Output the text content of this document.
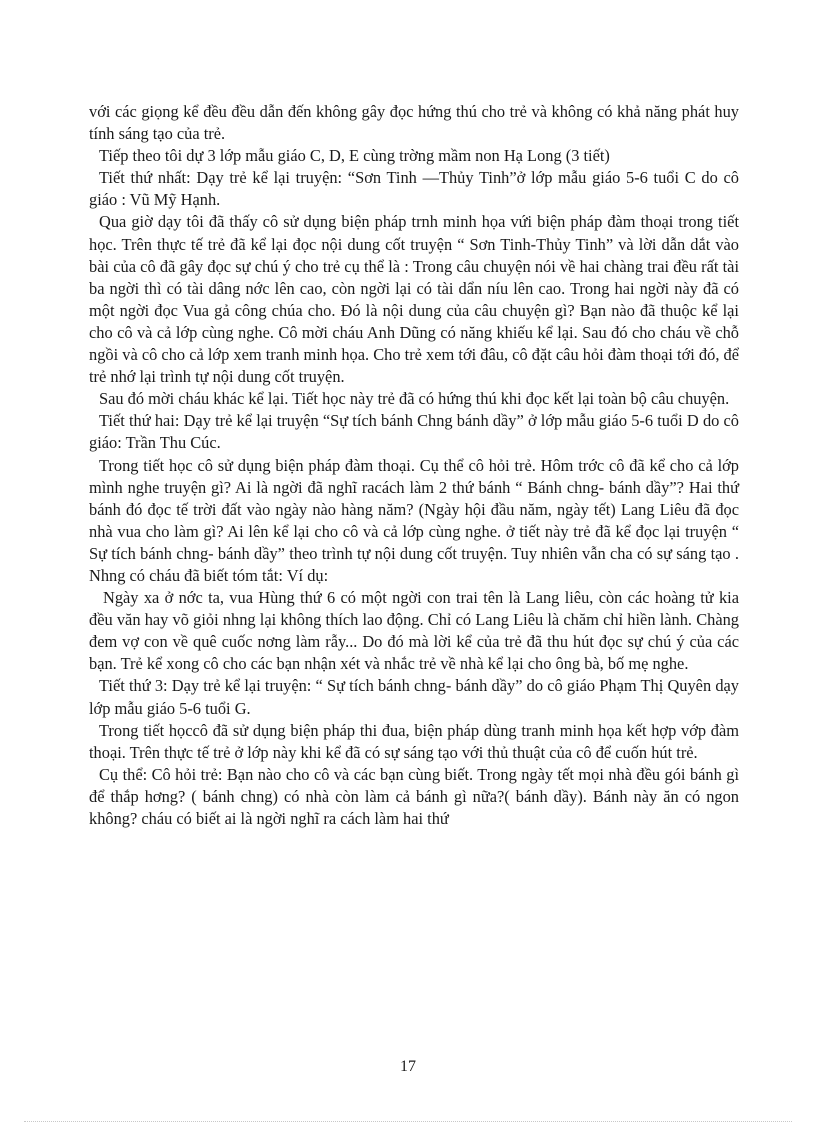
với các giọng kể đều đều dẫn đến không gây đọc hứng thú cho trẻ và không có khả năng phát huy tính sáng tạo của trẻ.

Tiếp theo tôi dự 3 lớp mẫu giáo C, D, E cùng trờng mầm non Hạ Long (3 tiết)

Tiết thứ nhất: Dạy trẻ kể lại truyện: “Sơn Tinh —Thủy Tinh”ở lớp mẫu giáo 5-6 tuổi C do cô giáo : Vũ Mỹ Hạnh.

Qua giờ dạy tôi đã thấy cô sử dụng biện pháp trnh minh họa vứi biện pháp đàm thoại trong tiết học. Trên thực tế trẻ đã kể lại đọc nội dung cốt truyện “ Sơn Tinh-Thủy Tinh” và lời dẫn dắt vào bài của cô đã gây đọc sự chú ý cho trẻ cụ thể là : Trong câu chuyện nói về hai chàng trai đều rất tài ba ngời thì có tài dâng nớc lên cao, còn ngời lại có tài dẩn níu lên cao. Trong hai ngời này đã có một ngời đọc Vua gả công chúa cho. Đó là nội dung của câu chuyện gì? Bạn nào đã thuộc kể lại cho cô và cả lớp cùng nghe. Cô mời cháu Anh Dũng có năng khiếu kể lại. Sau đó cho cháu về chỗ ngồi và cô cho cả lớp xem tranh minh họa. Cho trẻ xem tới đâu, cô đặt câu hỏi đàm thoại tới đó, để trẻ nhớ lại trình tự nội dung cốt truyện.

Sau đó mời cháu khác kể lại. Tiết học này trẻ đã có hứng thú khi đọc kết lại toàn bộ câu chuyện.

Tiết thứ hai: Dạy trẻ kể lại truyện “Sự tích bánh Chng bánh dầy” ở lớp mẫu giáo 5-6 tuổi D do cô giáo: Trần Thu Cúc.

Trong tiết học cô sử dụng biện pháp đàm thoại. Cụ thể cô hỏi trẻ. Hôm trớc cô đã kể cho cả lớp mình nghe truyện gì? Ai là ngời đã nghĩ racách làm 2 thứ bánh “ Bánh chng- bánh dầy”? Hai thứ bánh đó đọc tế trời đất vào ngày nào hàng năm? (Ngày hội đầu năm, ngày tết) Lang Liêu đã đọc nhà vua cho làm gì? Ai lên kể lại cho cô và cả lớp cùng nghe. ở tiết này trẻ đã kể đọc lại truyện “ Sự tích bánh chng- bánh dầy” theo trình tự nội dung cốt truyện. Tuy nhiên vẫn cha có sự sáng tạo . Nhng có cháu đã biết tóm tắt: Ví dụ:

Ngày xa ở nớc ta, vua Hùng thứ 6 có một ngời con trai tên là Lang liêu, còn các hoàng tử kia đều văn hay võ giỏi nhng lại không thích lao động. Chỉ có Lang Liêu là chăm chỉ hiền lành. Chàng đem vợ con về quê cuốc nơng làm rẫy... Do đó mà lời kể của trẻ đã thu hút đọc sự chú ý của các bạn. Trẻ kể xong cô cho các bạn nhận xét và nhắc trẻ về nhà kể lại cho ông bà, bố mẹ nghe.

Tiết thứ 3: Dạy trẻ kể lại truyện: “ Sự tích bánh chng- bánh dầy” do cô giáo Phạm Thị Quyên dạy lớp mẫu giáo 5-6 tuổi G.

Trong tiết họccô đã sử dụng biện pháp thi đua, biện pháp dùng tranh minh họa kết hợp vớp đàm thoại. Trên thực tế trẻ ở lớp này khi kể đã có sự sáng tạo với thủ thuật của cô để cuốn hút trẻ.

Cụ thể: Cô hỏi trẻ: Bạn nào cho cô và các bạn cùng biết. Trong ngày tết mọi nhà đều gói bánh gì để thắp hơng? ( bánh chng) có nhà còn làm cả bánh gì nữa?( bánh dầy). Bánh này ăn có ngon không? cháu có biết ai là ngời nghĩ ra cách làm hai thứ

17
